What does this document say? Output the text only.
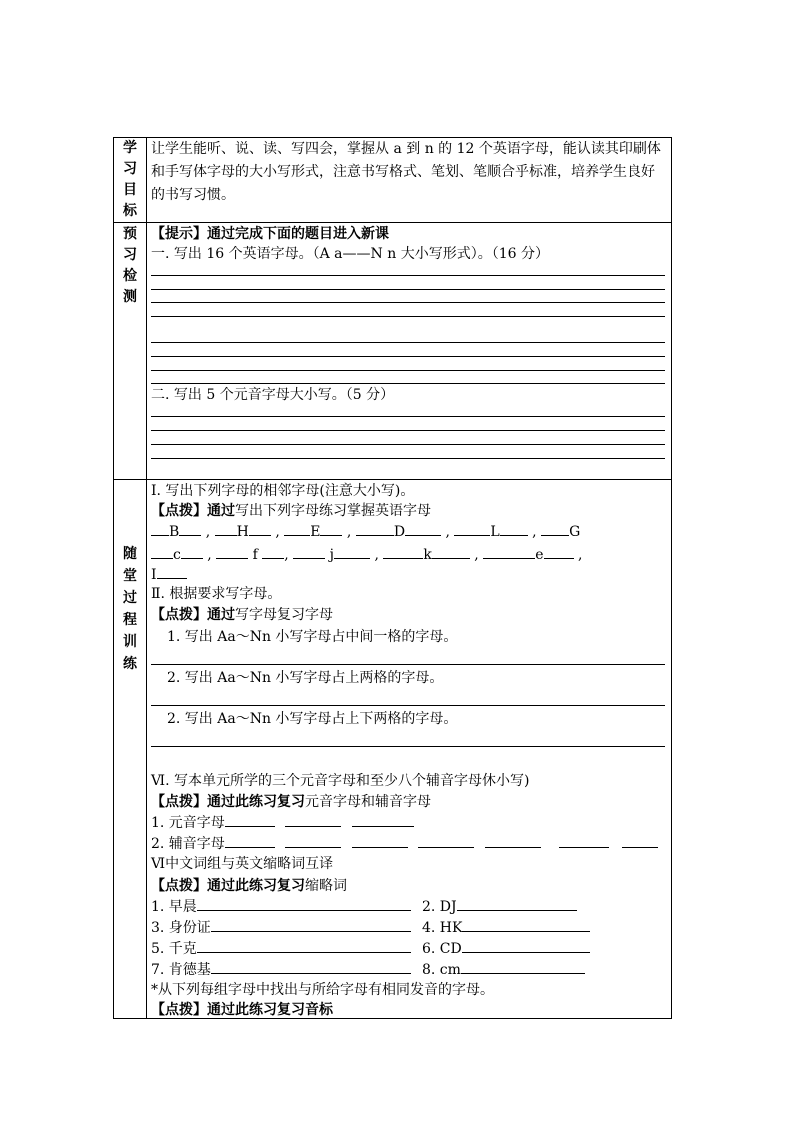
学
习
目
标
让学生能听、说、读、写四会，掌握从 a 到 n 的 12 个英语字母，能认读其印刷体和手写体字母的大小写形式，注意书写格式、笔划、笔顺合乎标准，培养学生良好的书写习惯。
预
习
检
测
【提示】通过完成下面的题目进入新课
一. 写出 16 个英语字母。（A a——N n 大小写形式）。（16 分）
二. 写出 5 个元音字母大小写。（5 分）
随
堂
过
程
训
练
I. 写出下列字母的相邻字母(注意大小写)。
【点拨】通过写出下列字母练习掌握英语字母
B , H , E ,	D	,	L , G
c ,	f ,	j	,	k	,	e ,
I
Ⅱ. 根据要求写字母。
【点拨】通过写字母复习字母
1. 写出 Aa～Nn 小写字母占中间一格的字母。
2. 写出 Aa～Nn 小写字母占上两格的字母。
2. 写出 Aa～Nn 小写字母占上下两格的字母。
Ⅵ. 写本单元所学的三个元音字母和至少八个辅音字母休小写)
【点拨】通过此练习复习元音字母和辅音字母
1. 元音字母
2. 辅音字母
Ⅵ中文词组与英文缩略词互译
【点拨】通过此练习复习缩略词
1. 早晨	2. DJ
3. 身份证	4. HK
5. 千克	6. CD
7. 肯德基	8. cm
*从下列每组字母中找出与所给字母有相同发音的字母。
【点拨】通过此练习复习音标
